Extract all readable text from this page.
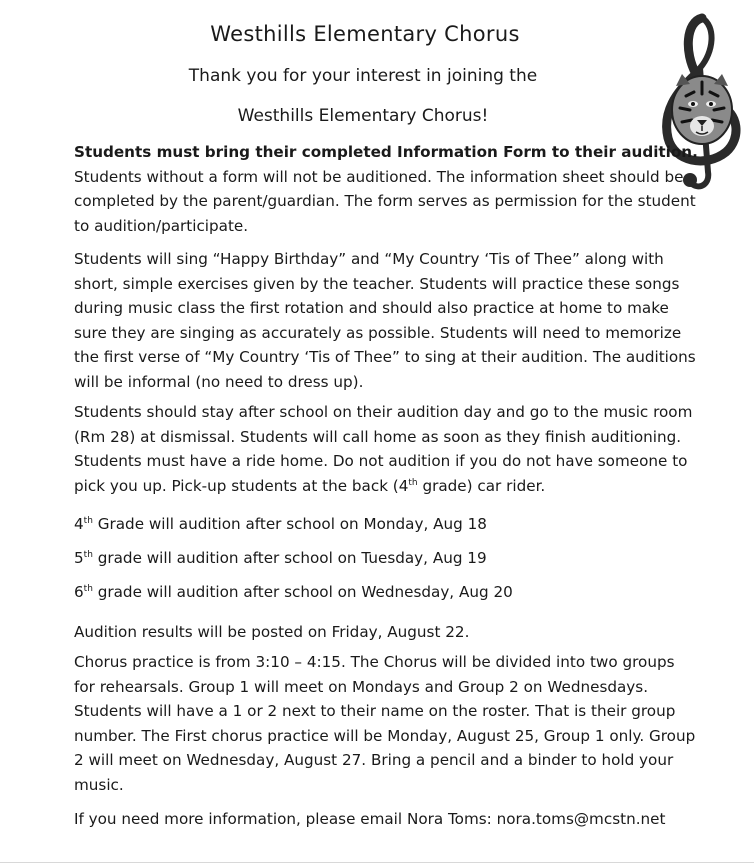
Westhills Elementary Chorus
Thank you for your interest in joining the
Westhills Elementary Chorus!
Students must bring their completed Information Form to their audition. Students without a form will not be auditioned. The information sheet should be completed by the parent/guardian. The form serves as permission for the student to audition/participate.
Students will sing “Happy Birthday” and “My Country ‘Tis of Thee” along with short, simple exercises given by the teacher. Students will practice these songs during music class the first rotation and should also practice at home to make sure they are singing as accurately as possible. Students will need to memorize the first verse of “My Country ‘Tis of Thee” to sing at their audition. The auditions will be informal (no need to dress up).
Students should stay after school on their audition day and go to the music room (Rm 28) at dismissal. Students will call home as soon as they finish auditioning. Students must have a ride home. Do not audition if you do not have someone to pick you up. Pick-up students at the back (4th grade) car rider.
4th Grade will audition after school on Monday, Aug 18
5th grade will audition after school on Tuesday, Aug 19
6th grade will audition after school on Wednesday, Aug 20
Audition results will be posted on Friday, August 22.
Chorus practice is from 3:10 – 4:15. The Chorus will be divided into two groups for rehearsals. Group 1 will meet on Mondays and Group 2 on Wednesdays. Students will have a 1 or 2 next to their name on the roster. That is their group number. The First chorus practice will be Monday, August 25, Group 1 only. Group 2 will meet on Wednesday, August 27. Bring a pencil and a binder to hold your music.
If you need more information, please email Nora Toms: nora.toms@mcstn.net
